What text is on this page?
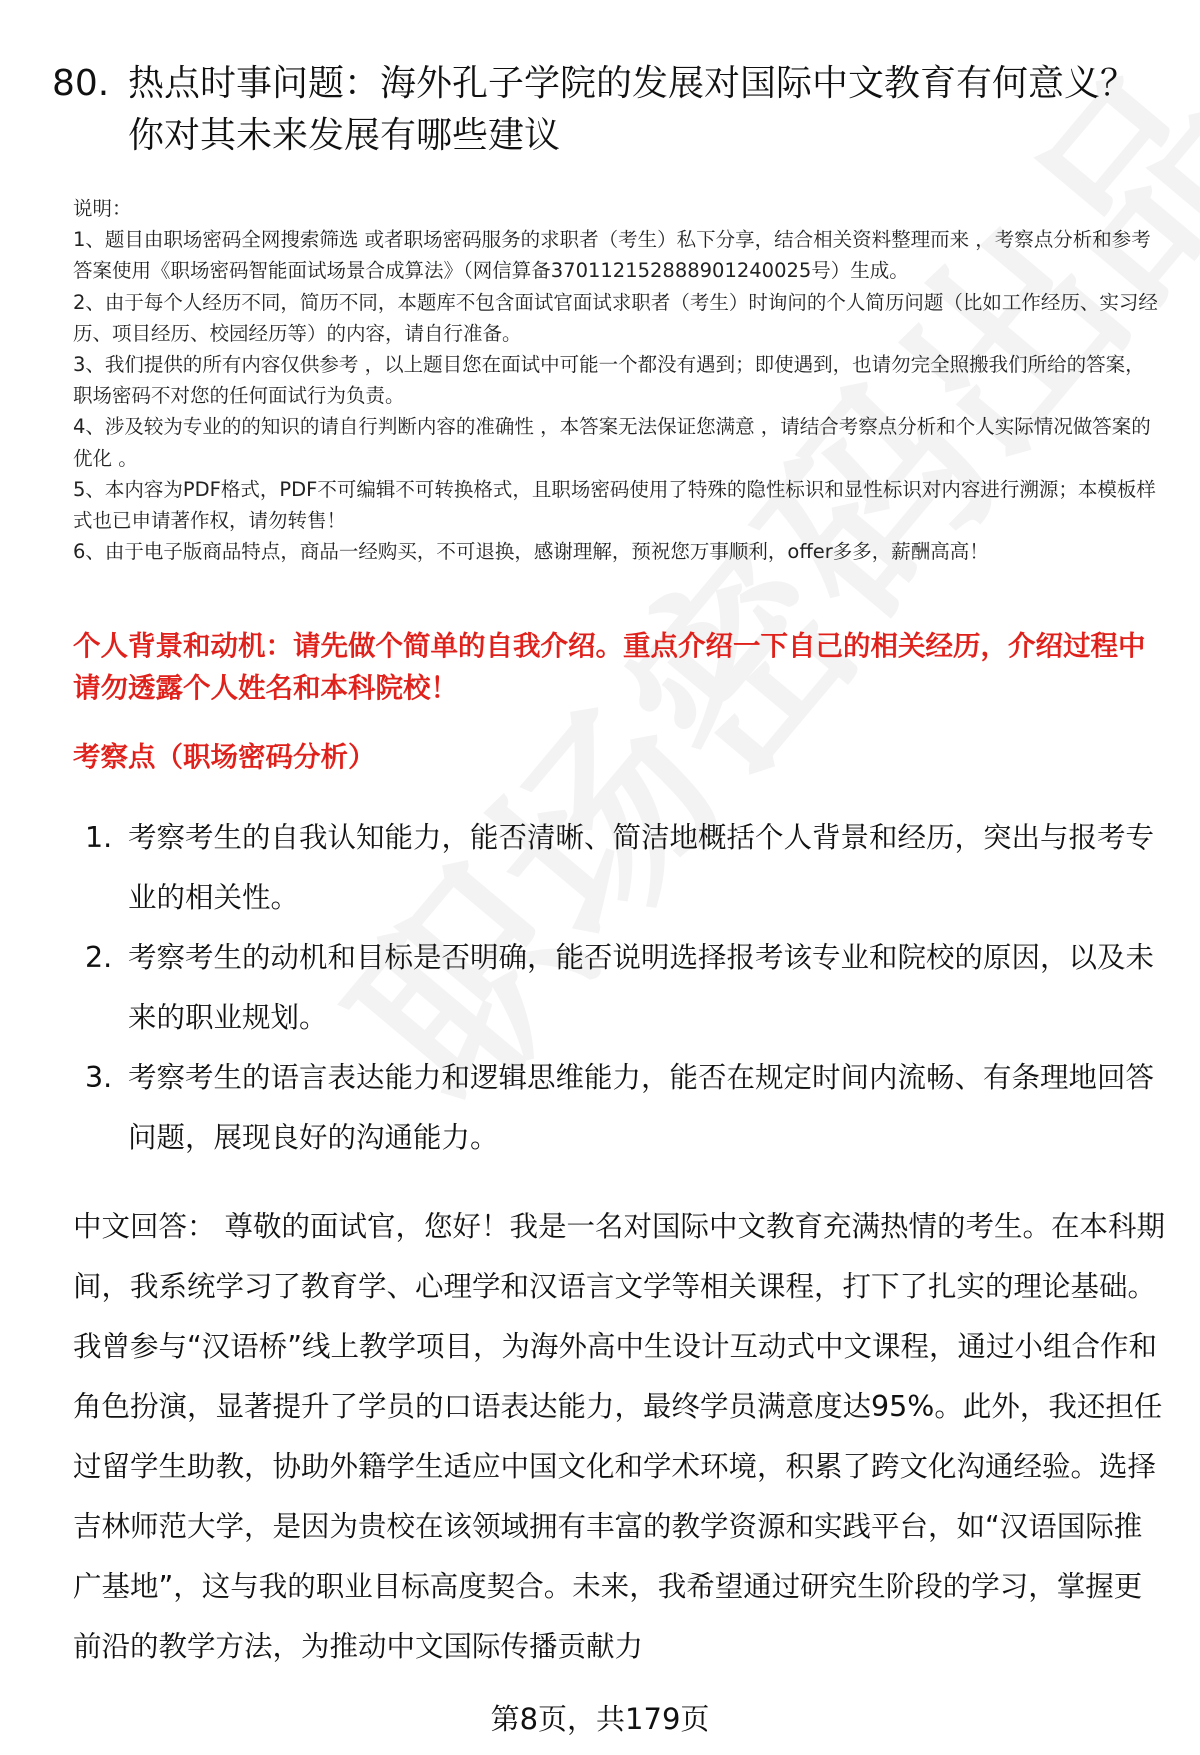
80. 热点时事问题：海外孔子学院的发展对国际中文教育有何意义？你对其未来发展有哪些建议

说明：

1、题目由职场密码全网搜索筛选 或者职场密码服务的求职者（考生）私下分享，结合相关资料整理而来 ，考察点分析和参考答案使用《职场密码智能面试场景合成算法》（网信算备370112152888901240025号）生成。

2、由于每个人经历不同，简历不同，本题库不包含面试官面试求职者（考生）时询问的个人简历问题（比如工作经历、实习经历、项目经历、校园经历等）的内容，请自行准备。

3、我们提供的所有内容仅供参考 ，以上题目您在面试中可能一个都没有遇到；即使遇到，也请勿完全照搬我们所给的答案，职场密码不对您的任何面试行为负责。

4、涉及较为专业的的知识的请自行判断内容的准确性 ，本答案无法保证您满意 ，请结合考察点分析和个人实际情况做答案的优化 。

5、本内容为PDF格式，PDF不可编辑不可转换格式，且职场密码使用了特殊的隐性标识和显性标识对内容进行溯源；本模板样式也已申请著作权，请勿转售！

6、由于电子版商品特点，商品一经购买，不可退换，感谢理解，预祝您万事顺利，offer多多，薪酬高高！

个人背景和动机：请先做个简单的自我介绍。重点介绍一下自己的相关经历，介绍过程中请勿透露个人姓名和本科院校！
考察点（职场密码分析）
1. 考察考生的自我认知能力，能否清晰、简洁地概括个人背景和经历，突出与报考专业的相关性。
2. 考察考生的动机和目标是否明确，能否说明选择报考该专业和院校的原因，以及未来的职业规划。
3. 考察考生的语言表达能力和逻辑思维能力，能否在规定时间内流畅、有条理地回答问题，展现良好的沟通能力。
中文回答： 尊敬的面试官，您好！我是一名对国际中文教育充满热情的考生。在本科期间，我系统学习了教育学、心理学和汉语言文学等相关课程，打下了扎实的理论基础。我曾参与“汉语桥”线上教学项目，为海外高中生设计互动式中文课程，通过小组合作和角色扮演，显著提升了学员的口语表达能力，最终学员满意度达95%。此外，我还担任过留学生助教，协助外籍学生适应中国文化和学术环境，积累了跨文化沟通经验。选择吉林师范大学，是因为贵校在该领域拥有丰富的教学资源和实践平台，如“汉语国际推广基地”，这与我的职业目标高度契合。未来，我希望通过研究生阶段的学习，掌握更前沿的教学方法，为推动中文国际传播贡献力
第8页，共179页
